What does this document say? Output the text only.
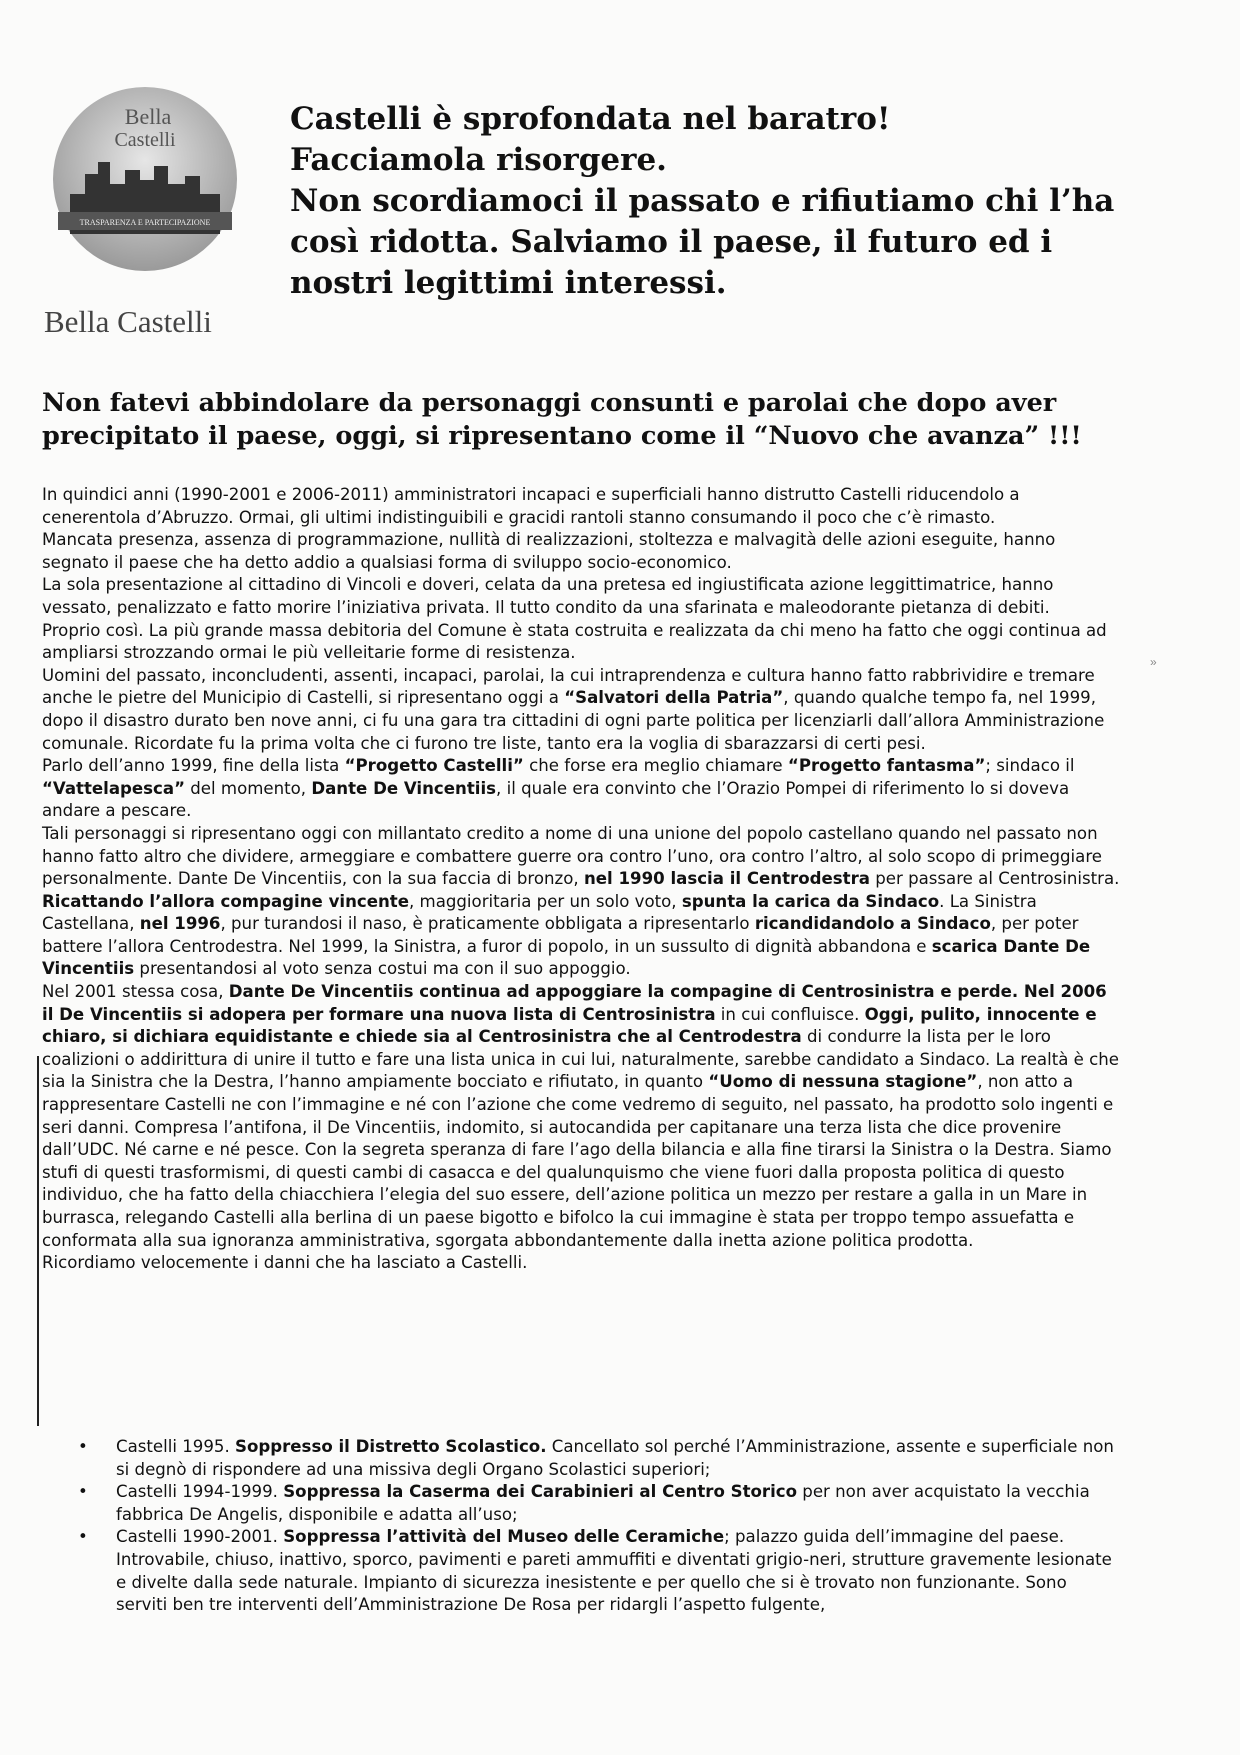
Bella
Castelli
TRASPARENZA E PARTECIPAZIONE
Bella Castelli
Castelli è sprofondata nel baratro!
Facciamola risorgere.
Non scordiamoci il passato e rifiutiamo chi l’ha
così ridotta. Salviamo il paese, il futuro ed i
nostri legittimi interessi.
Non fatevi abbindolare da personaggi consunti e parolai che dopo aver
precipitato il paese, oggi, si ripresentano come il “Nuovo che avanza” !!!
»

In quindici anni (1990-2001 e 2006-2011) amministratori incapaci e superficiali hanno distrutto Castelli riducendolo a cenerentola d’Abruzzo. Ormai, gli ultimi indistinguibili e gracidi rantoli stanno consumando il poco che c’è rimasto.

Mancata presenza, assenza di programmazione, nullità di realizzazioni, stoltezza e malvagità delle azioni eseguite, hanno segnato il paese che ha detto addio a qualsiasi forma di sviluppo socio-economico.

La sola presentazione al cittadino di Vincoli e doveri, celata da una pretesa ed ingiustificata azione leggittimatrice, hanno vessato, penalizzato e fatto morire l’iniziativa privata. Il tutto condito da una sfarinata e maleodorante pietanza di debiti.

Proprio così. La più grande massa debitoria del Comune è stata costruita e realizzata da chi meno ha fatto che oggi continua ad ampliarsi strozzando ormai le più velleitarie forme di resistenza.

Uomini del passato, inconcludenti, assenti, incapaci, parolai, la cui intraprendenza e cultura hanno fatto rabbrividire e tremare anche le pietre del Municipio di Castelli, si ripresentano oggi a “Salvatori della Patria”, quando qualche tempo fa, nel 1999, dopo il disastro durato ben nove anni, ci fu una gara tra cittadini di ogni parte politica per licenziarli dall’allora Amministrazione comunale. Ricordate fu la prima volta che ci furono tre liste, tanto era la voglia di sbarazzarsi di certi pesi.

Parlo dell’anno 1999, fine della lista “Progetto Castelli” che forse era meglio chiamare “Progetto fantasma”; sindaco il “Vattelapesca” del momento, Dante De Vincentiis, il quale era convinto che l’Orazio Pompei di riferimento lo si doveva andare a pescare.

Tali personaggi si ripresentano oggi con millantato credito a nome di una unione del popolo castellano quando nel passato non hanno fatto altro che dividere, armeggiare e combattere guerre ora contro l’uno, ora contro l’altro, al solo scopo di primeggiare personalmente. Dante De Vincentiis, con la sua faccia di bronzo, nel 1990 lascia il Centrodestra per passare al Centrosinistra. Ricattando l’allora compagine vincente, maggioritaria per un solo voto, spunta la carica da Sindaco. La Sinistra Castellana, nel 1996, pur turandosi il naso, è praticamente obbligata a ripresentarlo ricandidandolo a Sindaco, per poter battere l’allora Centrodestra. Nel 1999, la Sinistra, a furor di popolo, in un sussulto di dignità abbandona e scarica Dante De Vincentiis presentandosi al voto senza costui ma con il suo appoggio.

Nel 2001 stessa cosa, Dante De Vincentiis continua ad appoggiare la compagine di Centrosinistra e perde. Nel 2006 il De Vincentiis si adopera per formare una nuova lista di Centrosinistra in cui confluisce. Oggi, pulito, innocente e chiaro, si dichiara equidistante e chiede sia al Centrosinistra che al Centrodestra di condurre la lista per le loro coalizioni o addirittura di unire il tutto e fare una lista unica in cui lui, naturalmente, sarebbe candidato a Sindaco. La realtà è che sia la Sinistra che la Destra, l’hanno ampiamente bocciato e rifiutato, in quanto “Uomo di nessuna stagione”, non atto a rappresentare Castelli ne con l’immagine e né con l’azione che come vedremo di seguito, nel passato, ha prodotto solo ingenti e seri danni. Compresa l’antifona, il De Vincentiis, indomito, si autocandida per capitanare una terza lista che dice provenire dall’UDC. Né carne e né pesce. Con la segreta speranza di fare l’ago della bilancia e alla fine tirarsi la Sinistra o la Destra. Siamo stufi di questi trasformismi, di questi cambi di casacca e del qualunquismo che viene fuori dalla proposta politica di questo individuo, che ha fatto della chiacchiera l’elegia del suo essere, dell’azione politica un mezzo per restare a galla in un Mare in burrasca, relegando Castelli alla berlina di un paese bigotto e bifolco la cui immagine è stata per troppo tempo assuefatta e conformata alla sua ignoranza amministrativa, sgorgata abbondantemente dalla inetta azione politica prodotta.

Ricordiamo velocemente i danni che ha lasciato a Castelli.

• Castelli 1995. Soppresso il Distretto Scolastico. Cancellato sol perché l’Amministrazione, assente e superficiale non si degnò di rispondere ad una missiva degli Organo Scolastici superiori;

• Castelli 1994-1999. Soppressa la Caserma dei Carabinieri al Centro Storico per non aver acquistato la vecchia fabbrica De Angelis, disponibile e adatta all’uso;

• Castelli 1990-2001. Soppressa l’attività del Museo delle Ceramiche; palazzo guida dell’immagine del paese. Introvabile, chiuso, inattivo, sporco, pavimenti e pareti ammuffiti e diventati grigio-neri, strutture gravemente lesionate e divelte dalla sede naturale. Impianto di sicurezza inesistente e per quello che si è trovato non funzionante. Sono serviti ben tre interventi dell’Amministrazione De Rosa per ridargli l’aspetto fulgente,
